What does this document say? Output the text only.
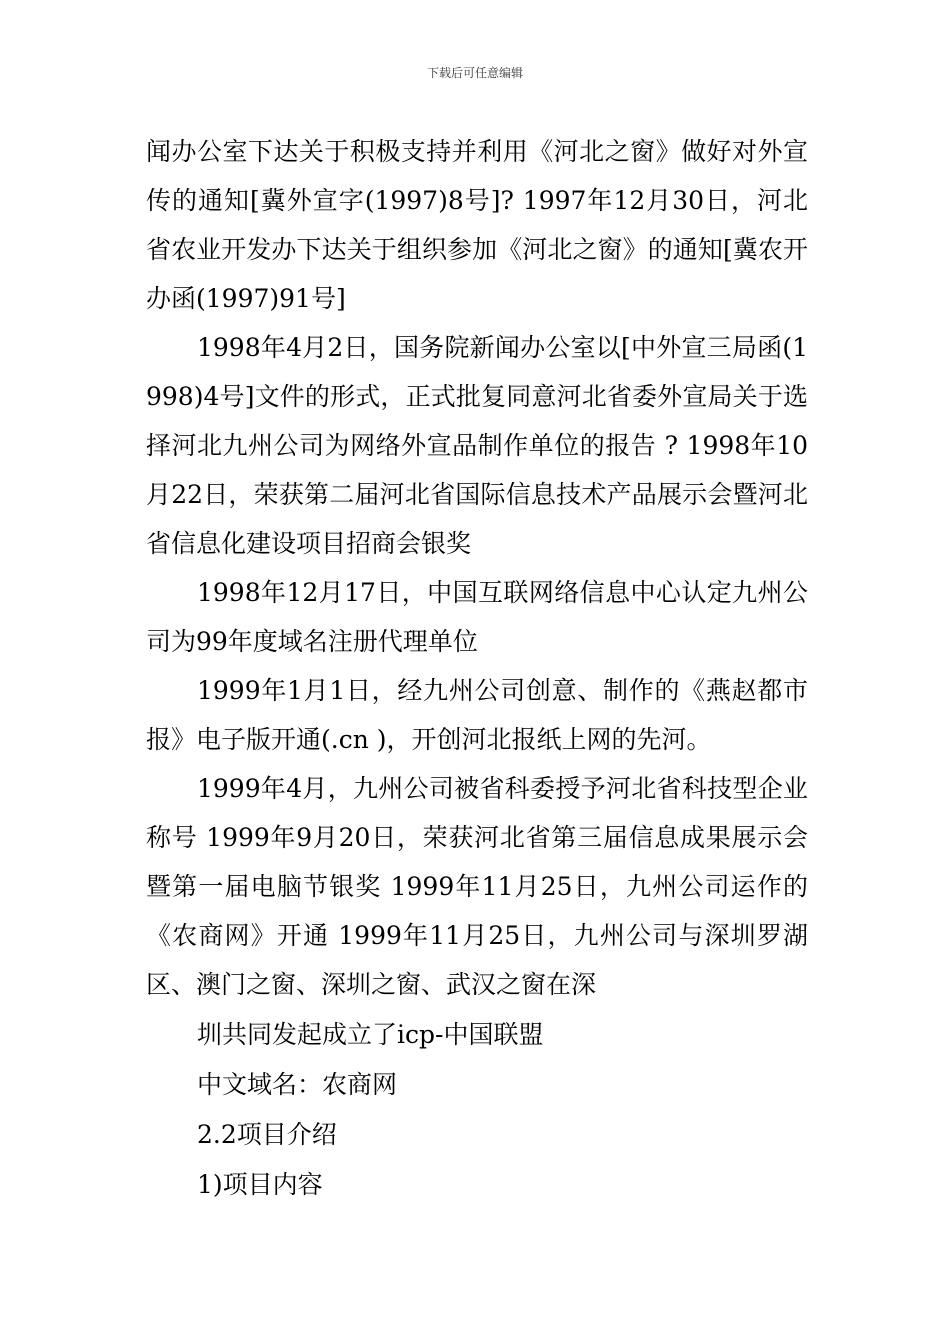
下载后可任意编辑

闻办公室下达关于积极支持并利用《河北之窗》做好对外宣传的通知[冀外宣字(1997)8号]? 1997年12月30日，河北省农业开发办下达关于组织参加《河北之窗》的通知[冀农开办函(1997)91号]

1998年4月2日，国务院新闻办公室以[中外宣三局函(1998)4号]文件的形式，正式批复同意河北省委外宣局关于选择河北九州公司为网络外宣品制作单位的报告 ? 1998年10月22日，荣获第二届河北省国际信息技术产品展示会暨河北省信息化建设项目招商会银奖

1998年12月17日，中国互联网络信息中心认定九州公司为99年度域名注册代理单位

1999年1月1日，经九州公司创意、制作的《燕赵都市报》电子版开通(.cn )，开创河北报纸上网的先河。

1999年4月，九州公司被省科委授予河北省科技型企业称号 1999年9月20日，荣获河北省第三届信息成果展示会暨第一届电脑节银奖 1999年11月25日，九州公司运作的《农商网》开通 1999年11月25日，九州公司与深圳罗湖区、澳门之窗、深圳之窗、武汉之窗在深

圳共同发起成立了icp-中国联盟

中文域名：农商网

2.2项目介绍

1)项目内容
